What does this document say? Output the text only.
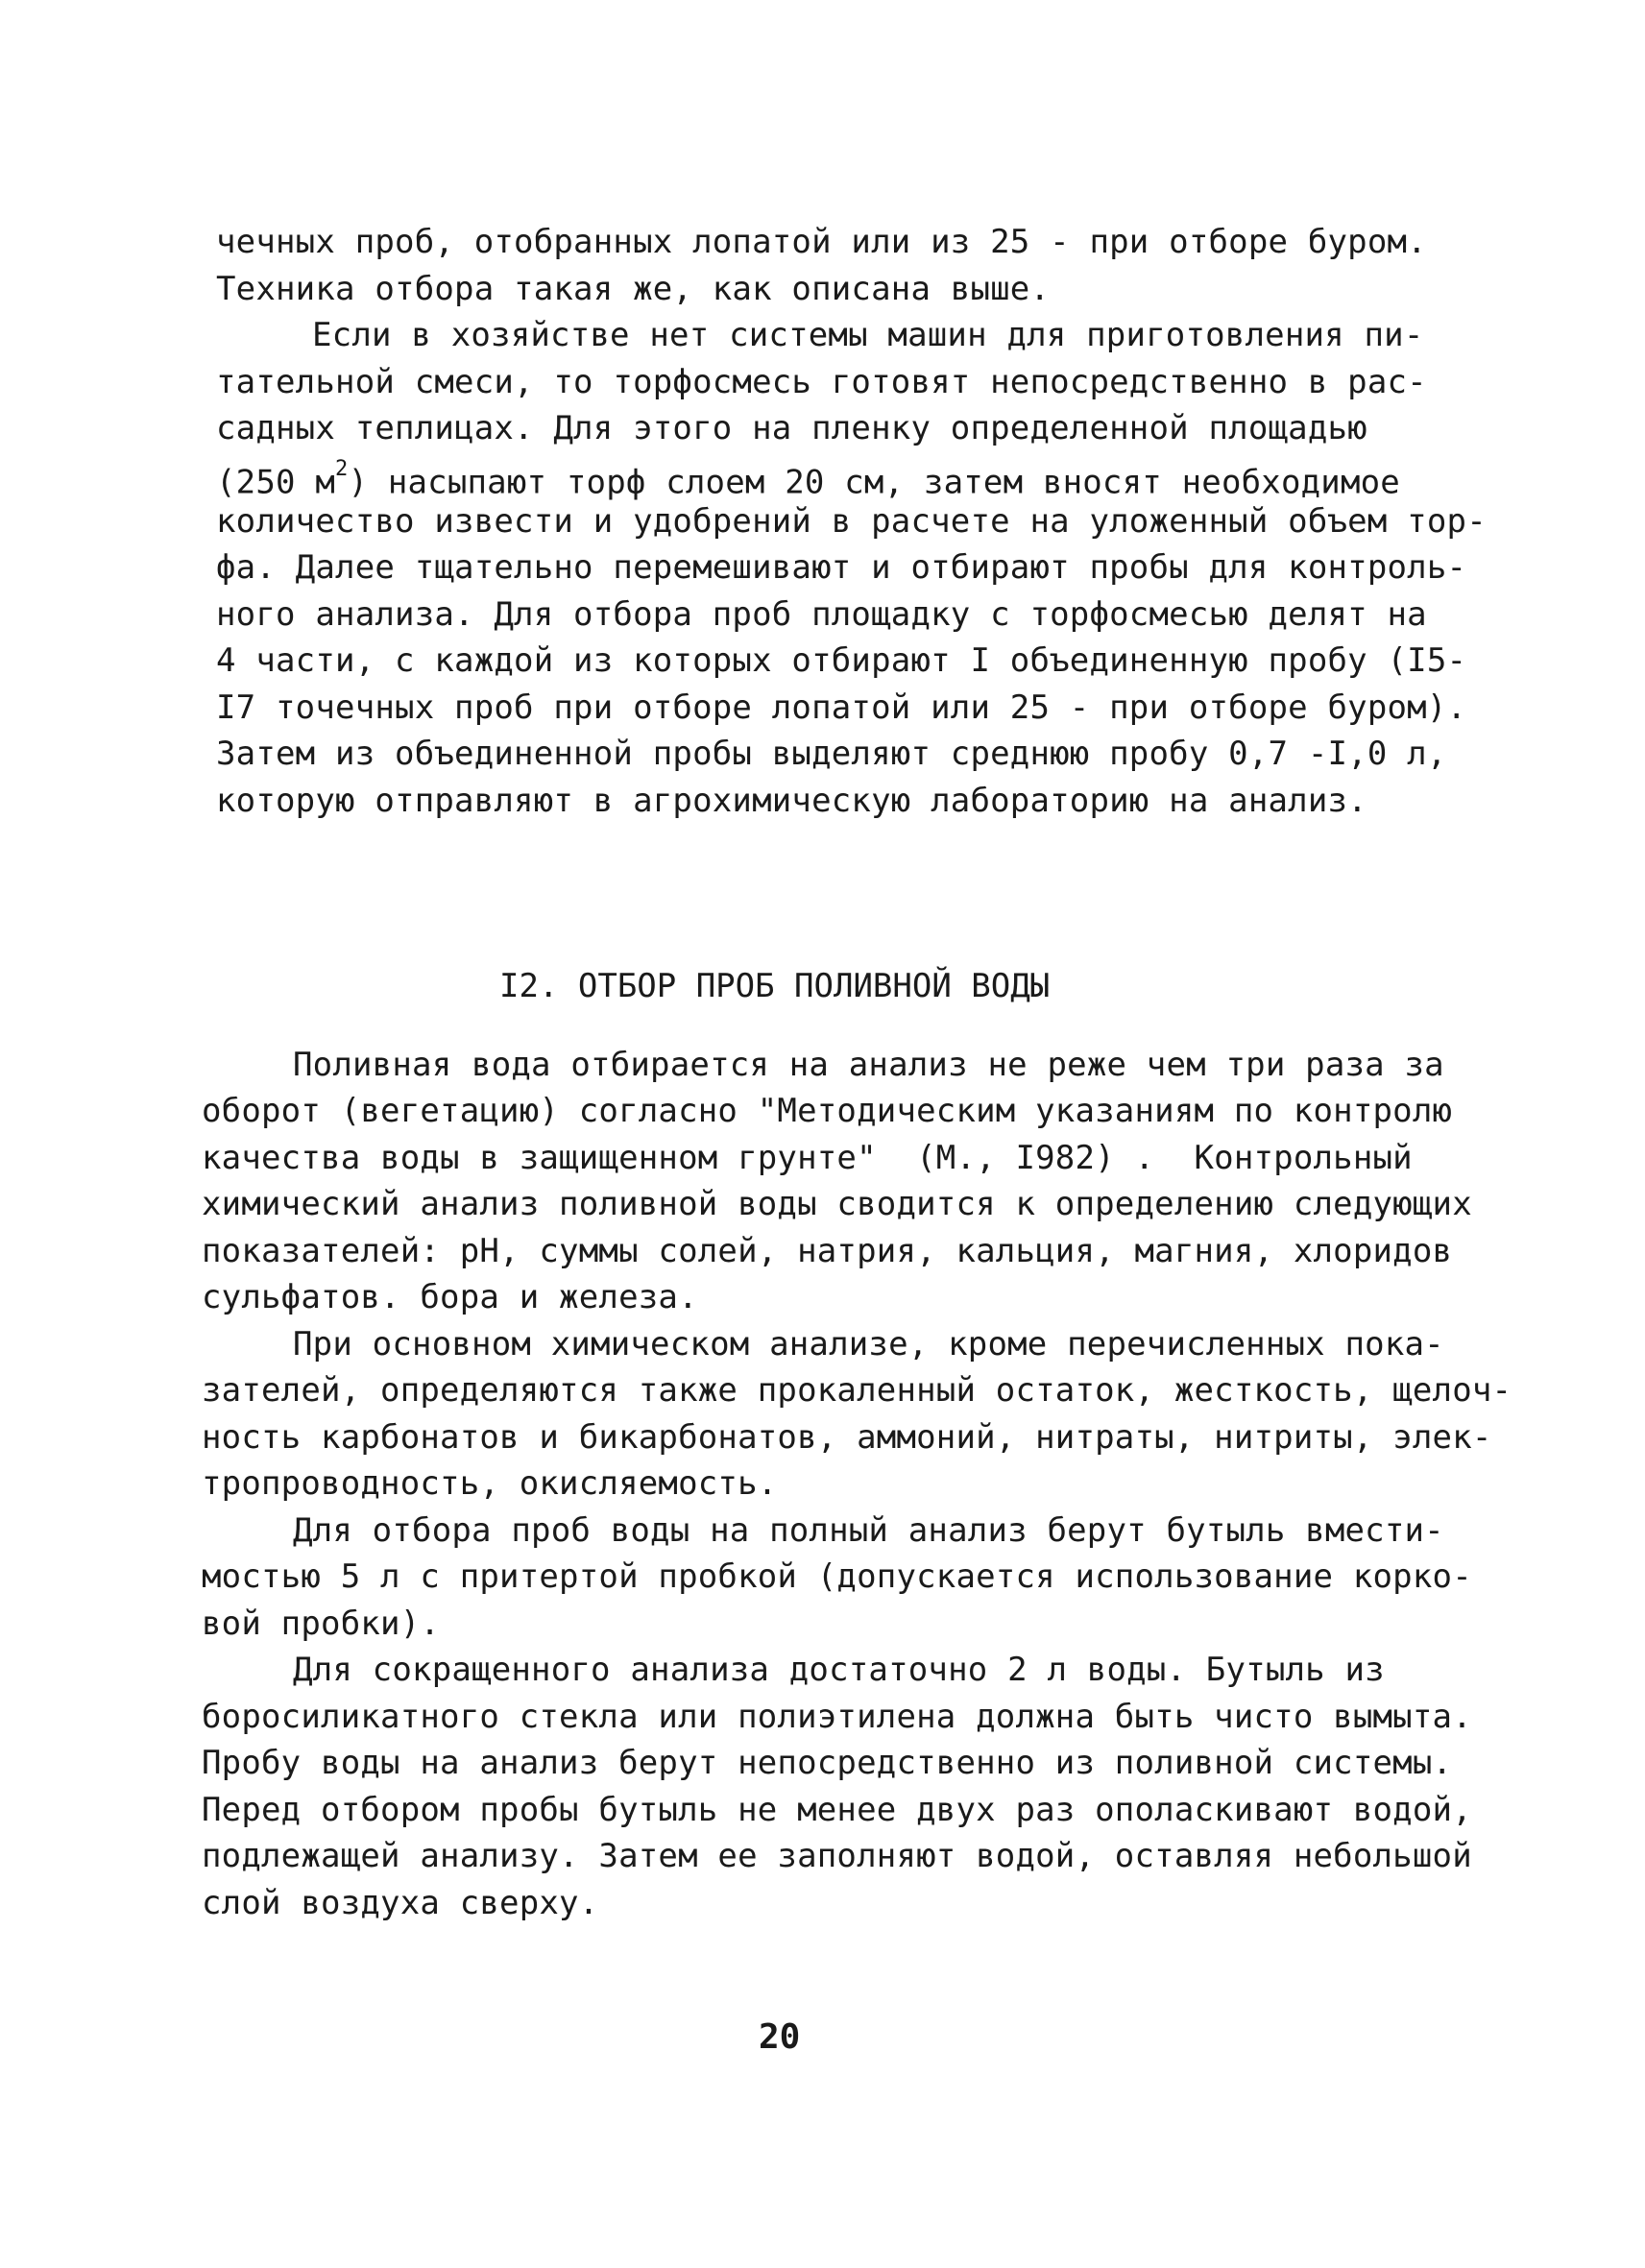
чечных проб, отобранных лопатой или из 25 - при отборе буром.
Техника отбора такая же, как описана выше.
Если в хозяйстве нет системы машин для приготовления пи-
тательной смеси, то торфосмесь готовят непосредственно в рас-
садных теплицах. Для этого на пленку определенной площадью
(250 $м^2$) насыпают торф слоем 20 см, затем вносят необходимое
количество извести и удобрений в расчете на уложенный объем тор-
фа. Далее тщательно перемешивают и отбирают пробы для контроль-
ного анализа. Для отбора проб площадку с торфосмесью делят на
4 части, с каждой из которых отбирают I объединенную пробу (I5-
I7 точечных проб при отборе лопатой или 25 - при отборе буром).
Затем из объединенной пробы выделяют среднюю пробу 0,7 -I,0 л,
которую отправляют в агрохимическую лабораторию на анализ.
I2. ОТБОР ПРОБ ПОЛИВНОЙ ВОДЫ
Поливная вода отбирается на анализ не реже чем три раза за
оборот (вегетацию) согласно "Методическим указаниям по контролю
качества воды в защищенном грунте"  (М., I982) .  Контрольный
химический анализ поливной воды сводится к определению следующих
показателей: рН, суммы солей, натрия, кальция, магния, хлоридов
сульфатов. бора и железа.
При основном химическом анализе, кроме перечисленных пока-
зателей, определяются также прокаленный остаток, жесткость, щелоч-
ность карбонатов и бикарбонатов, аммоний, нитраты, нитриты, элек-
тропроводность, окисляемость.
Для отбора проб воды на полный анализ берут бутыль вмести-
мостью 5 л с притертой пробкой (допускается использование корко-
вой пробки).
Для сокращенного анализа достаточно 2 л воды. Бутыль из
боросиликатного стекла или полиэтилена должна быть чисто вымыта.
Пробу воды на анализ берут непосредственно из поливной системы.
Перед отбором пробы бутыль не менее двух раз ополаскивают водой,
подлежащей анализу. Затем ее заполняют водой, оставляя небольшой
слой воздуха сверху.
20
